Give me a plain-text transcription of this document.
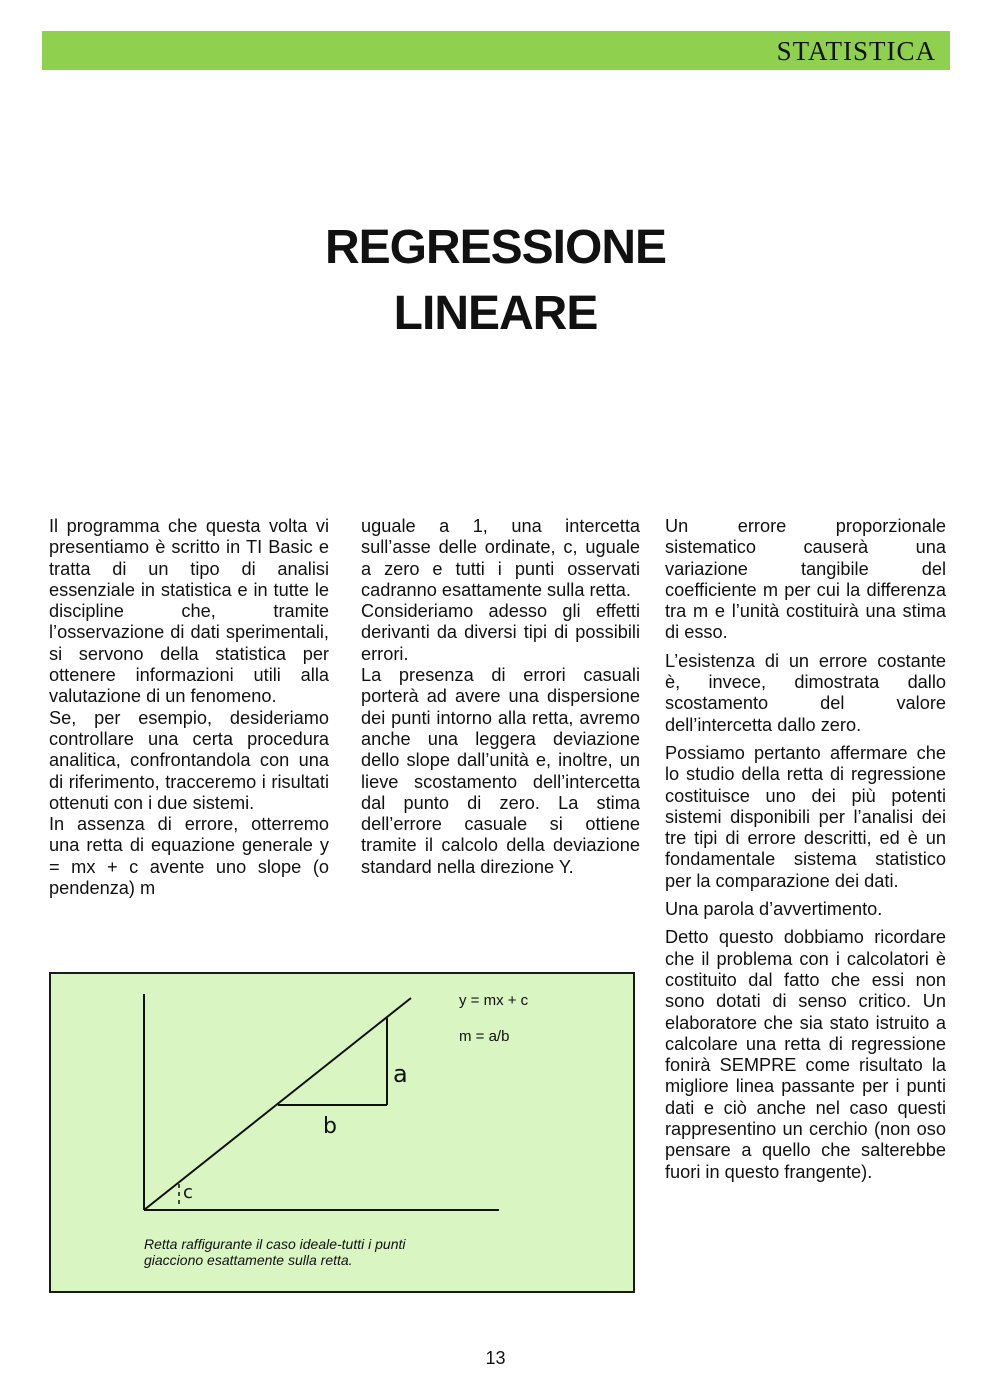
STATISTICA
REGRESSIONE
LINEARE

Il programma che questa volta vi presentiamo è scritto in TI Basic e tratta di un tipo di analisi essenziale in statistica e in tutte le discipline che, tramite l’osservazione di dati sperimentali, si servono della statistica per ottenere informazioni utili alla valutazione di un fenomeno.

Se, per esempio, desideriamo controllare una certa procedura analitica, confrontandola con una di riferimento, tracceremo i risultati ottenuti con i due sistemi.

In assenza di errore, otterremo una retta di equazione generale y = mx + c avente uno slope (o pendenza) m

uguale a 1, una intercetta sull’asse delle ordinate, c, uguale a zero e tutti i punti osservati cadranno esattamente sulla retta.

Consideriamo adesso gli effetti derivanti da diversi tipi di possibili errori.

La presenza di errori casuali porterà ad avere una dispersione dei punti intorno alla retta, avremo anche una leggera deviazione dello slope dall’unità e, inoltre, un lieve scostamento dell’intercetta dal punto di zero. La stima dell’errore casuale si ottiene tramite il calcolo della deviazione standard nella direzione Y.

Un errore proporzionale sistematico causerà una variazione tangibile del coefficiente m per cui la differenza tra m e l’unità costituirà una stima di esso.

L’esistenza di un errore costante è, invece, dimostrata dallo scostamento del valore dell’intercetta dallo zero.

Possiamo pertanto affermare che lo studio della retta di regressione costituisce uno dei più potenti sistemi disponibili per l’analisi dei tre tipi di errore descritti, ed è un fondamentale sistema statistico per la comparazione dei dati.

Una parola d’avvertimento.

Detto questo dobbiamo ricordare che il problema con i calcolatori è costituito dal fatto che essi non sono dotati di senso critico. Un elaboratore che sia stato istruito a calcolare una retta di regressione fonirà SEMPRE come risultato la migliore linea passante per i punti dati e ciò anche nel caso questi rappresentino un cerchio (non oso pensare a quello che salterebbe fuori in questo frangente).

y = mx + c
m = a/b
a
b
c
Retta raffigurante il caso ideale-tutti i punti giacciono esattamente sulla retta.
13
